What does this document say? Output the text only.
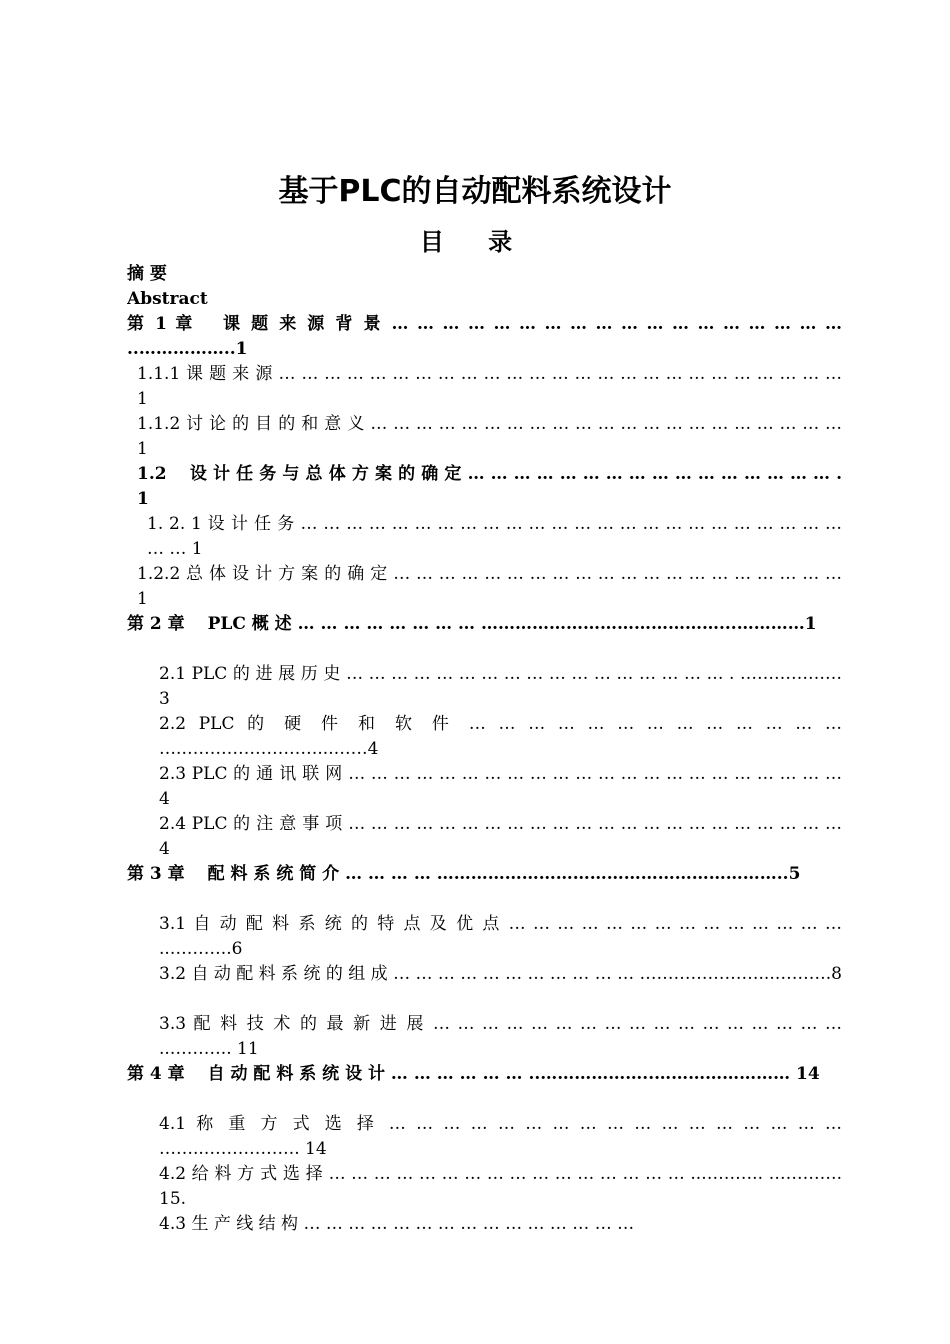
基于PLC的自动配料系统设计
目 录
摘 要
Abstract
第 1 章　 课 题 来 源 背 景 … … … … … … … … … … … … … … … … … … ..……………..1
1.1.1 课 题 来 源 … … … … … … … … … … … … … … … … … … … … … … … … … 1
1.1.2 讨 论 的 目 的 和 意 义 … … … … … … … … … … … … … … … … … … … … … 1
1.2　 设 计 任 务 与 总 体 方 案 的 确 定 … … … … … … … … … … … … … … … … .1
1. 2. 1 设 计 任 务 … … … … … … … … … … … … … … … … … … … … … … … … … … 1
1.2.2 总 体 设 计 方 案 的 确 定 … … … … … … … … … … … … … … … … … … … … 1
第 2 章　 PLC 概 述 … … … … … … … … ……………………………………...…………1
2.1 PLC 的 进 展 历 史 … … … … … … … … … … … … … … … … … . ………………3
2.2 PLC 的 硬 件 和 软 件 … … … … … … … … … … … … … ….……………………...……4
2.3 PLC 的 通 讯 联 网 … … … … … … … … … … … … … … … … … … … … … … 4
2.4 PLC 的 注 意 事 项 … … … … … … … … … … … … … … … … … … … … … … 4
第 3 章　 配 料 系 统 简 介 … … … … ……………………………………………………..5
3.1 自 动 配 料 系 统 的 特 点 及 优 点 … … … … … … … … … … … … … … ..………..6
3.2 自 动 配 料 系 统 的 组 成 … … … … … … … … … … … …………………...……….8
3.3 配 料 技 术 的 最 新 进 展 … … … … … … … … … … … … … … … … … ..……….. 11
第 4 章　 自 动 配 料 系 统 设 计 … … … … … … ..………………..…………………… 14
4.1 称 重 方 式 选 择 … … … … … … … … … … … … … … … … … ……..…………….. 14
4.2 给 料 方 式 选 择 … … … … … … … … … … … … … … … … ..……….. ………….15.
4.3 生 产 线 结 构 … … … … … … … … … … … … … … …
